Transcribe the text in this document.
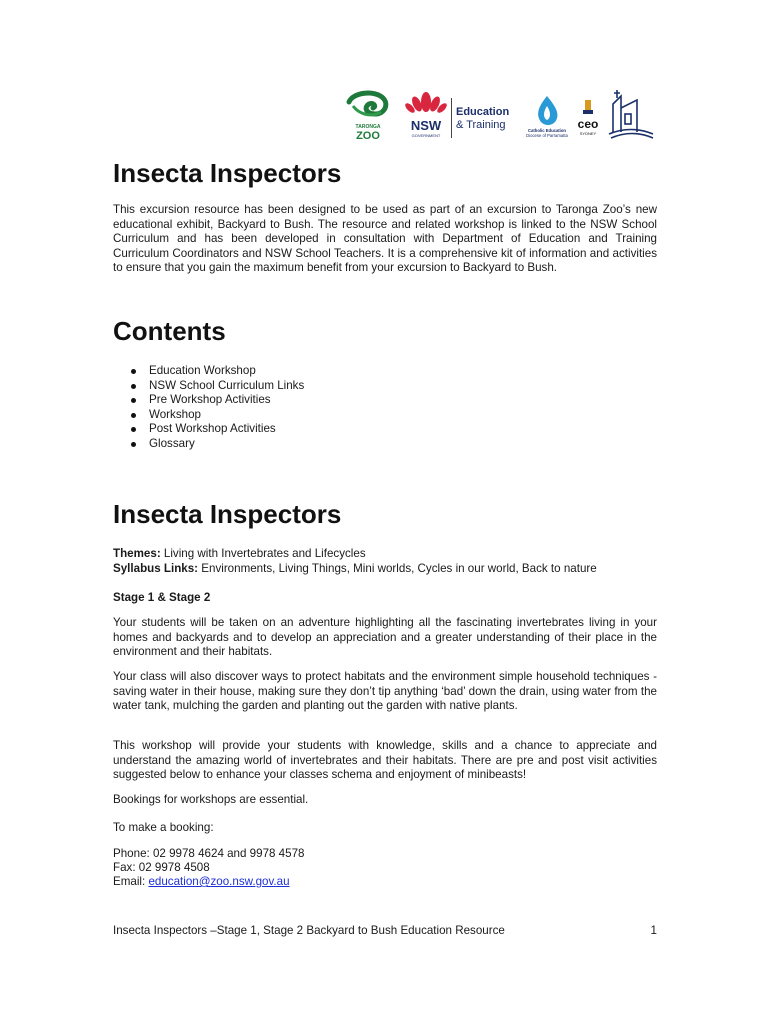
TARONGA
ZOO
NSW
GOVERNMENT
Education
& Training	Catholic Education
Diocese of Parramatta
ceo
SYDNEY
Insecta Inspectors

This excursion resource has been designed to be used as part of an excursion to Taronga Zoo’s new educational exhibit, Backyard to Bush. The resource and related workshop is linked to the NSW School Curriculum and has been developed in consultation with Department of Education and Training Curriculum Coordinators and NSW School Teachers. It is a comprehensive kit of information and activities to ensure that you gain the maximum benefit from your excursion to Backyard to Bush.

Contents
Education Workshop
NSW School Curriculum Links
Pre Workshop Activities
Workshop
Post Workshop Activities
Glossary
Insecta Inspectors
Themes: Living with Invertebrates and Lifecycles
Syllabus Links: Environments, Living Things, Mini worlds, Cycles in our world, Back to nature
Stage 1 & Stage 2

Your students will be taken on an adventure highlighting all the fascinating invertebrates living in your homes and backyards and to develop an appreciation and a greater understanding of their place in the environment and their habitats.

Your class will also discover ways to protect habitats and the environment simple household techniques - saving water in their house, making sure they don’t tip anything ‘bad’ down the drain, using water from the water tank, mulching the garden and planting out the garden with native plants.

This workshop will provide your students with knowledge, skills and a chance to appreciate and understand the amazing world of invertebrates and their habitats. There are pre and post visit activities suggested below to enhance your classes schema and enjoyment of minibeasts!

Bookings for workshops are essential.
To make a booking:
Phone: 02 9978 4624 and 9978 4578
Fax: 02 9978 4508
Email: education@zoo.nsw.gov.au
Insecta Inspectors –Stage 1, Stage 2 Backyard to Bush Education Resource	1
